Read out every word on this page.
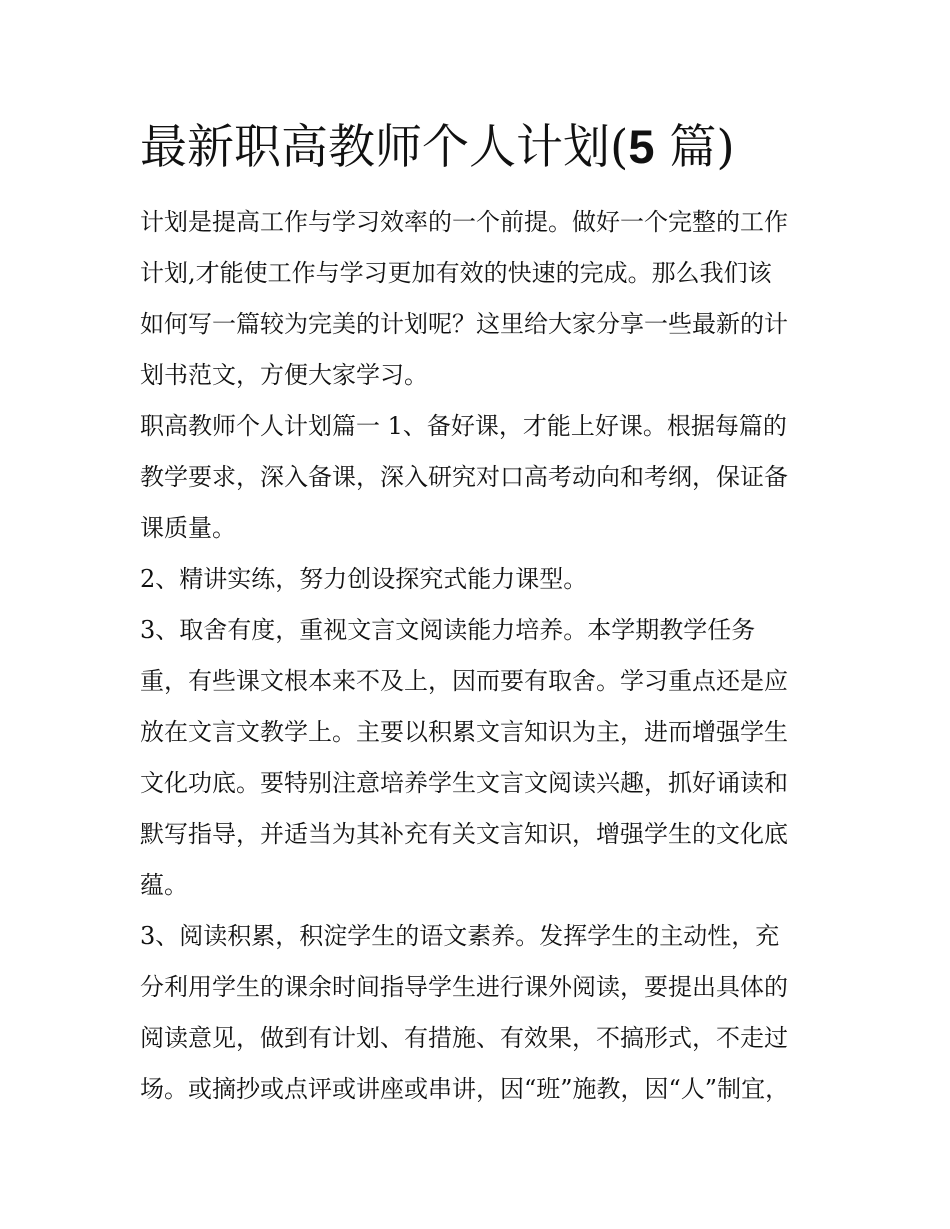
最新职高教师个人计划(5 篇)
计划是提高工作与学习效率的一个前提。做好一个完整的工作
计划,才能使工作与学习更加有效的快速的完成。那么我们该
如何写一篇较为完美的计划呢？这里给大家分享一些最新的计
划书范文，方便大家学习。
职高教师个人计划篇一 1、备好课，才能上好课。根据每篇的
教学要求，深入备课，深入研究对口高考动向和考纲，保证备
课质量。
2、精讲实练，努力创设探究式能力课型。
3、取舍有度，重视文言文阅读能力培养。本学期教学任务
重，有些课文根本来不及上，因而要有取舍。学习重点还是应
放在文言文教学上。主要以积累文言知识为主，进而增强学生
文化功底。要特别注意培养学生文言文阅读兴趣，抓好诵读和
默写指导，并适当为其补充有关文言知识，增强学生的文化底
蕴。
3、阅读积累，积淀学生的语文素养。发挥学生的主动性，充
分利用学生的课余时间指导学生进行课外阅读，要提出具体的
阅读意见，做到有计划、有措施、有效果，不搞形式，不走过
场。或摘抄或点评或讲座或串讲，因“班”施教，因“人”制宜，
